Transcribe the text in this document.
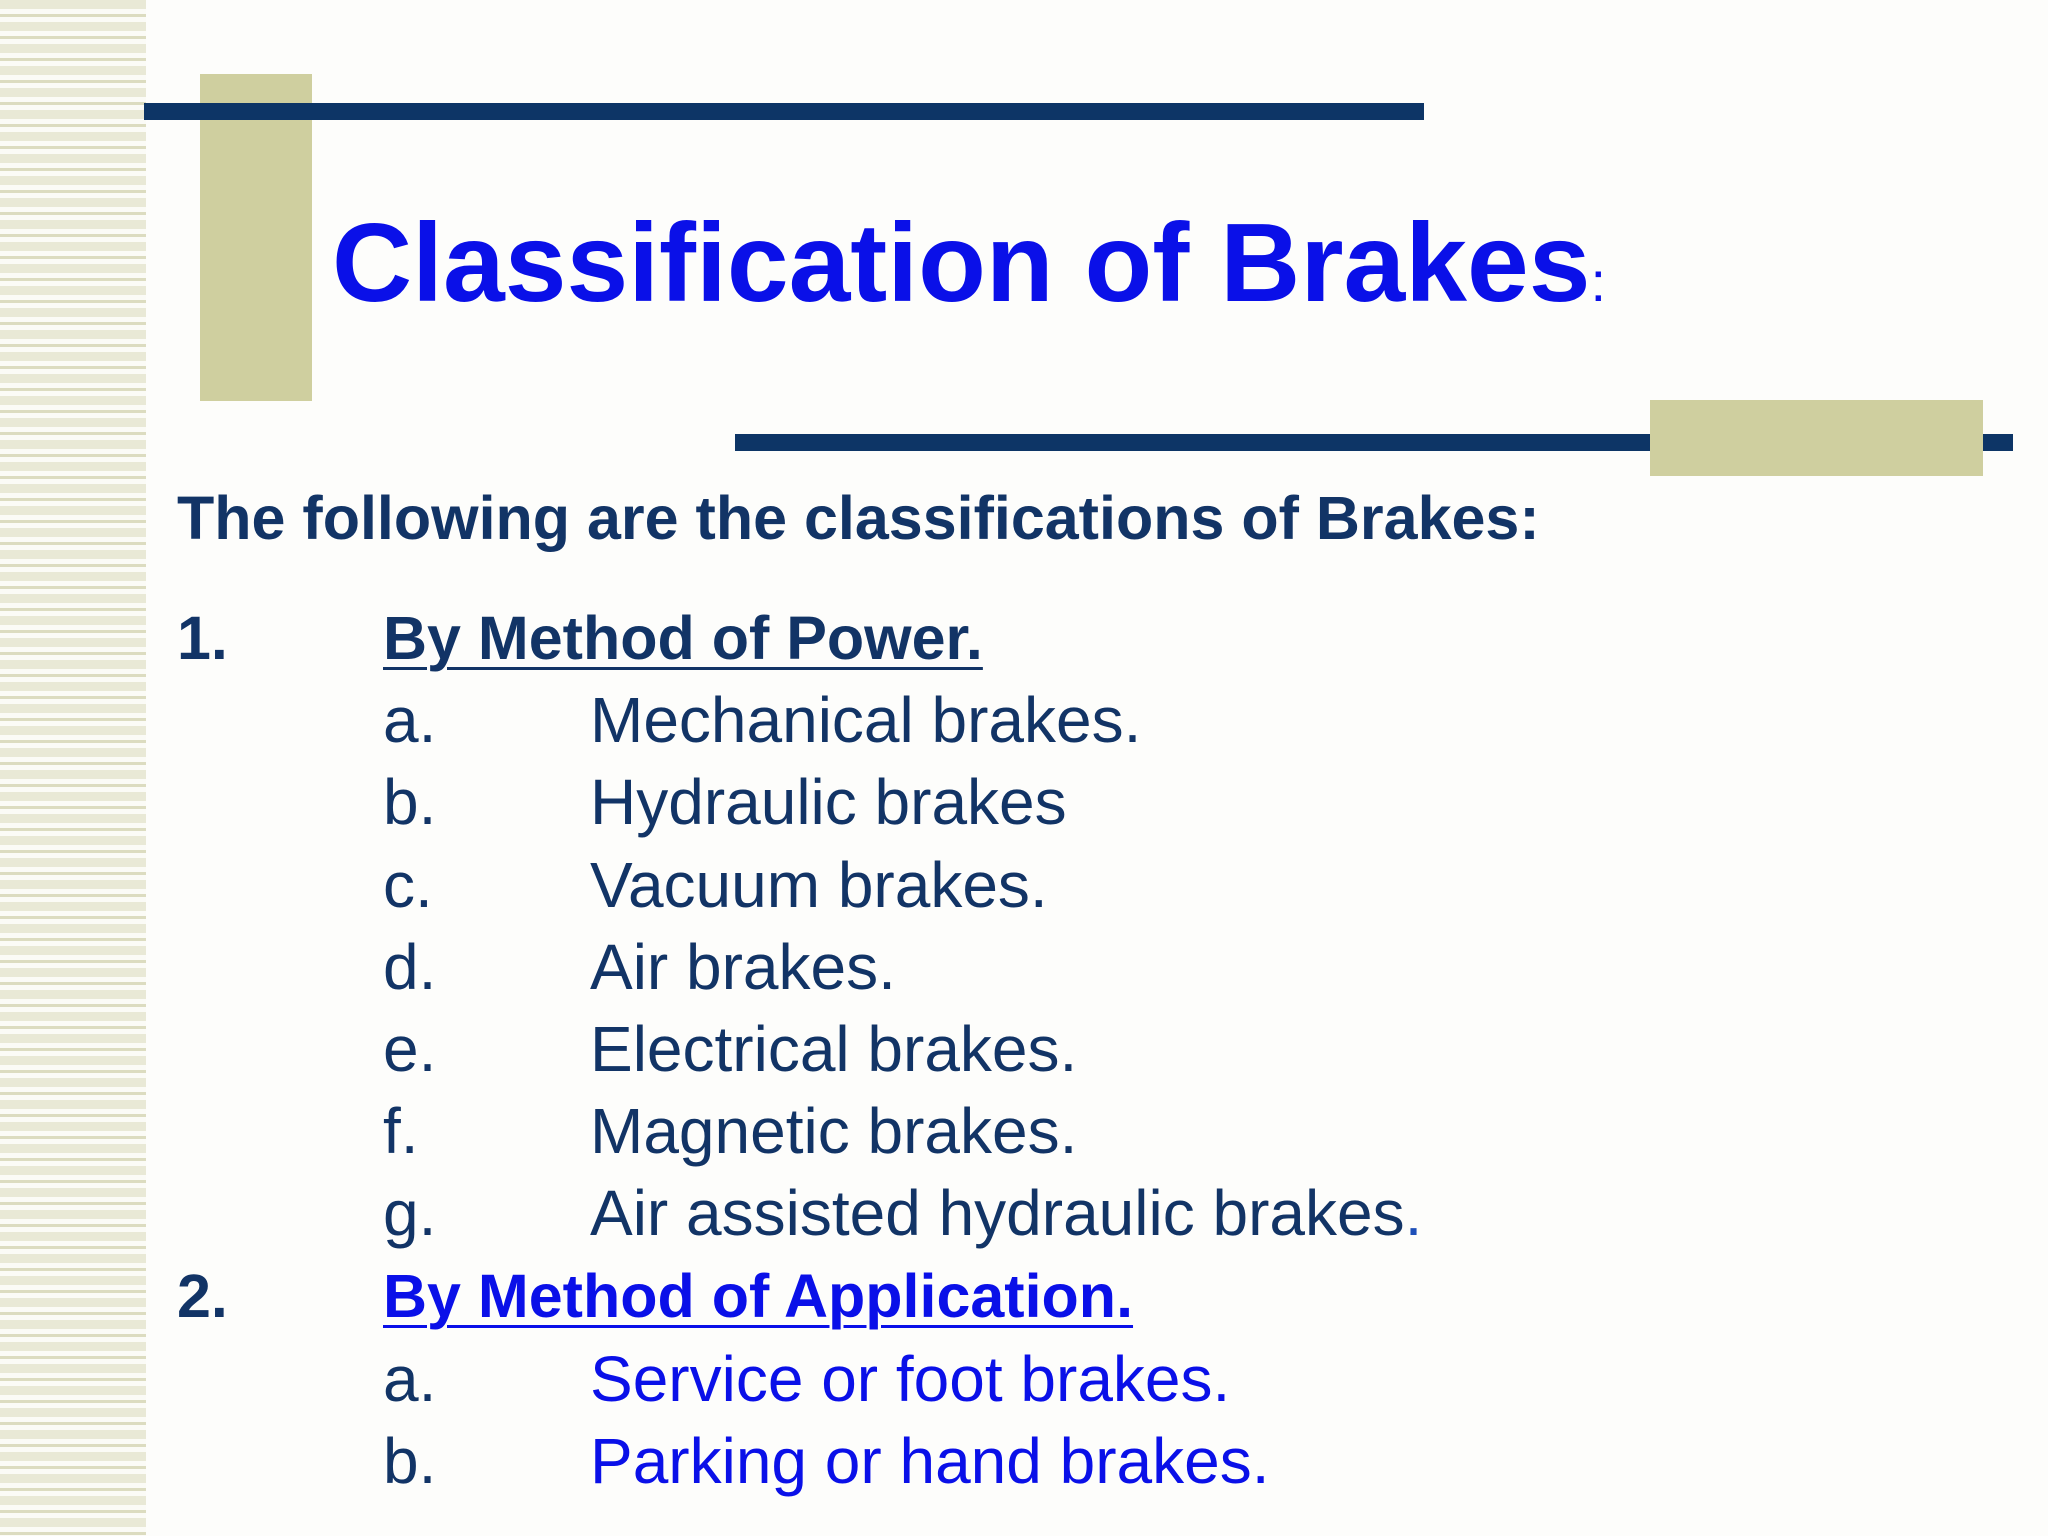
Classification of Brakes:

The following are the classifications of Brakes:

1.	By Method of Power.
a. Mechanical brakes.
b. Hydraulic brakes
c. Vacuum brakes.
d. Air brakes.
e. Electrical brakes.
f.	Magnetic brakes.
g. Air assisted hydraulic brakes.
2.	By Method of Application.
a. Service or foot brakes.
b. Parking or hand brakes.
